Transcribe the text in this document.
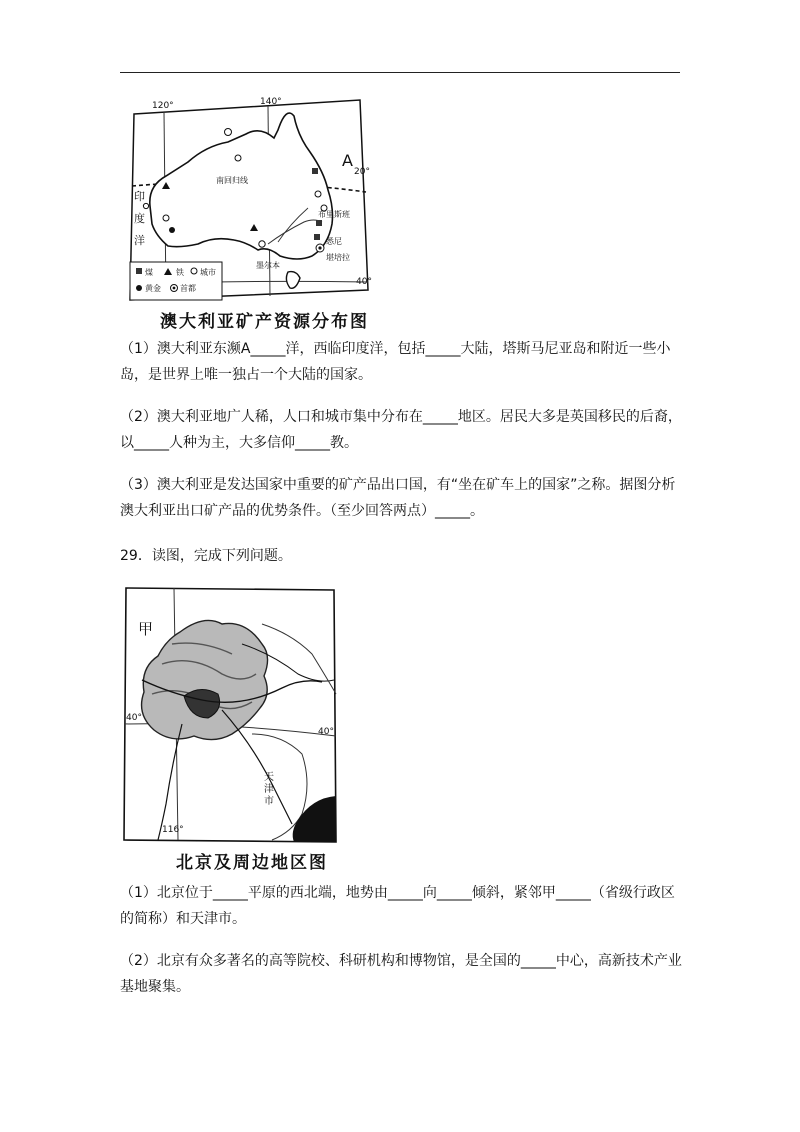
120°	140°
20°
40°
A
南回归线
印
度
洋
布里斯班
悉尼
堪培拉
墨尔本
煤	铁 城市
黄金 首都
澳大利亚矿产资源分布图
（1）澳大利亚东濒A_____洋，西临印度洋，包括_____大陆，塔斯马尼亚岛和附近一些小岛，是世界上唯一独占一个大陆的国家。
（2）澳大利亚地广人稀，人口和城市集中分布在_____地区。居民大多是英国移民的后裔，以_____人种为主，大多信仰_____教。
（3）澳大利亚是发达国家中重要的矿产品出口国，有“坐在矿车上的国家”之称。据图分析澳大利亚出口矿产品的优势条件。（至少回答两点）_____。
29．读图，完成下列问题。
甲
40°
40°
116°
天
津
市
北京及周边地区图
（1）北京位于_____平原的西北端，地势由_____向_____倾斜，紧邻甲_____（省级行政区的简称）和天津市。
（2）北京有众多著名的高等院校、科研机构和博物馆，是全国的_____中心，高新技术产业基地聚集。
